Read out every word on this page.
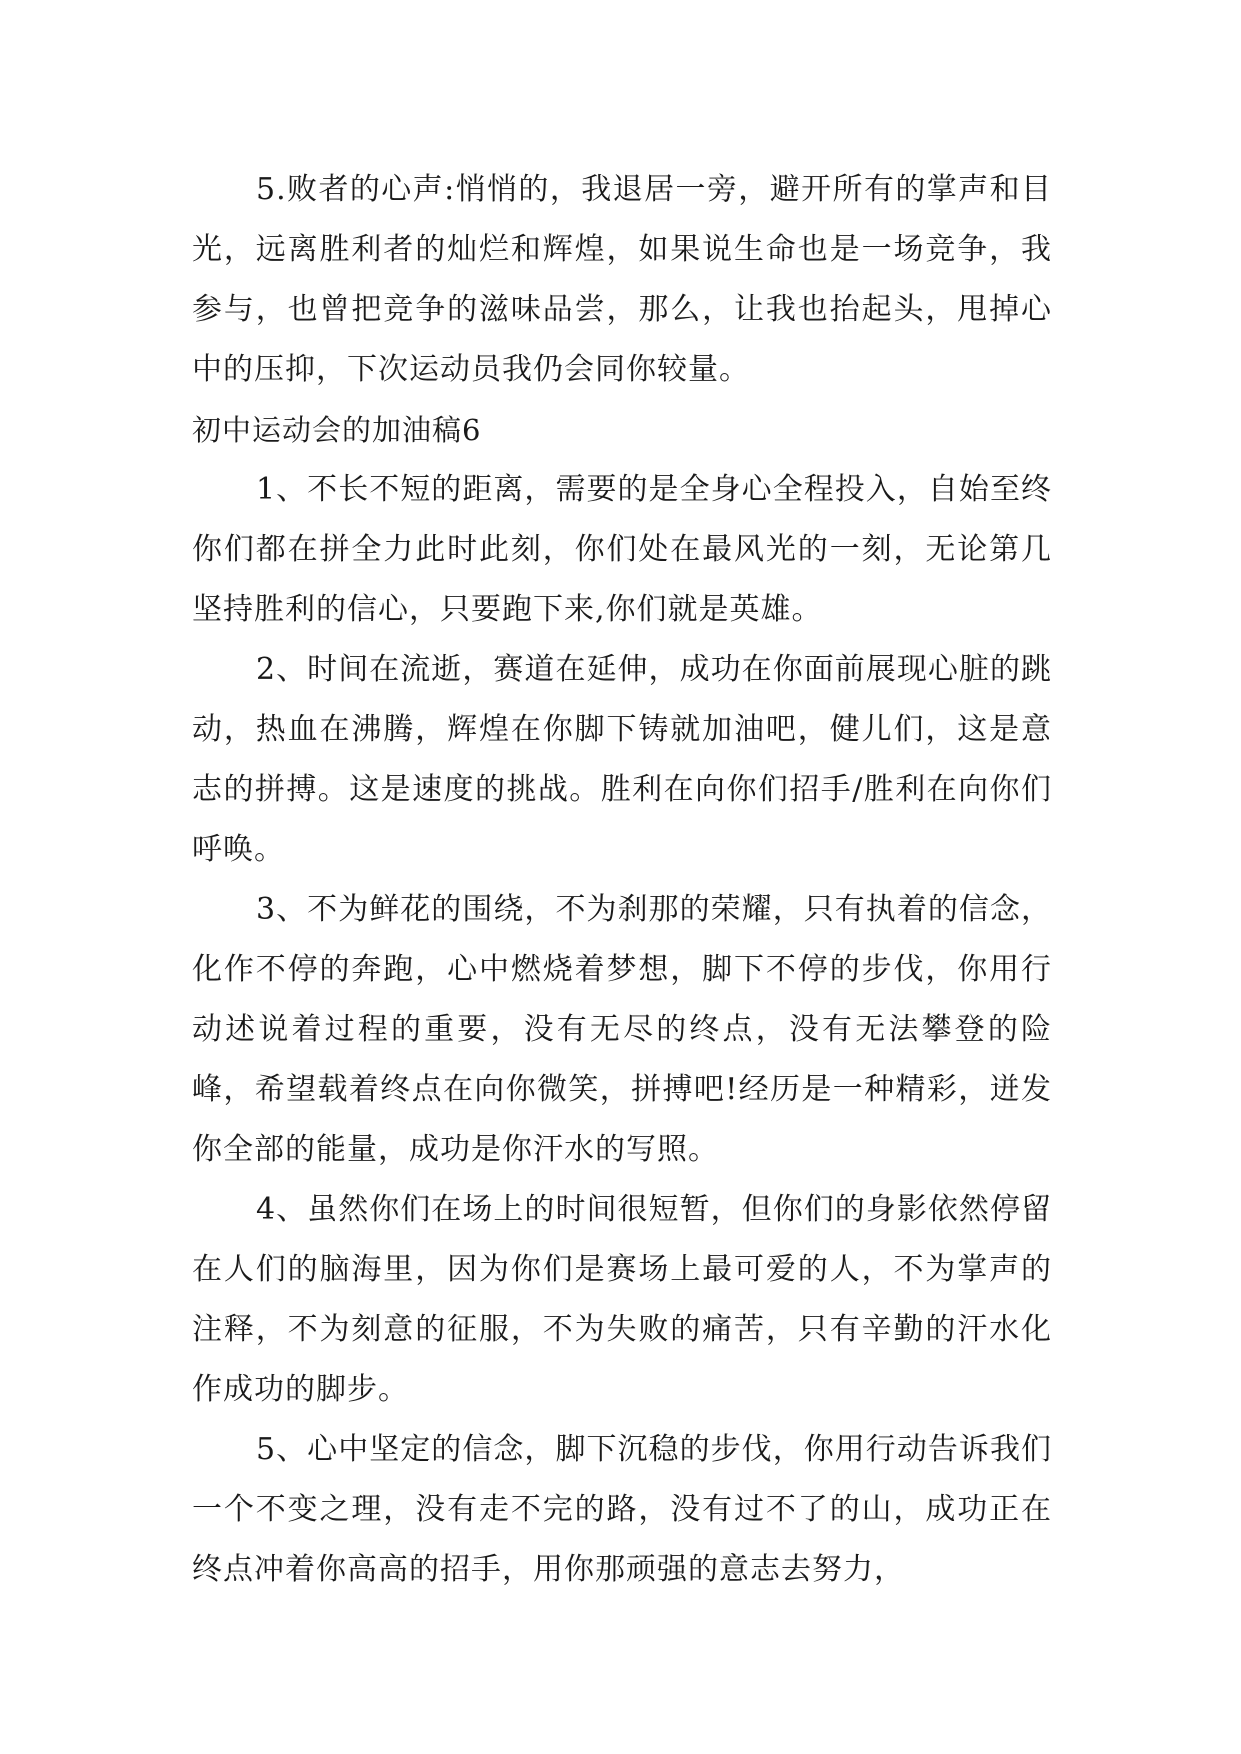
5.败者的心声:悄悄的，我退居一旁，避开所有的掌声和目光，远离胜利者的灿烂和辉煌，如果说生命也是一场竞争，我参与，也曾把竞争的滋味品尝，那么，让我也抬起头，甩掉心中的压抑，下次运动员我仍会同你较量。

初中运动会的加油稿6

1、不长不短的距离，需要的是全身心全程投入，自始至终你们都在拼全力此时此刻，你们处在最风光的一刻，无论第几坚持胜利的信心，只要跑下来,你们就是英雄。

2、时间在流逝，赛道在延伸，成功在你面前展现心脏的跳动，热血在沸腾，辉煌在你脚下铸就加油吧，健儿们，这是意志的拼搏。这是速度的挑战。胜利在向你们招手/胜利在向你们呼唤。

3、不为鲜花的围绕，不为刹那的荣耀，只有执着的信念，化作不停的奔跑，心中燃烧着梦想，脚下不停的步伐，你用行动述说着过程的重要，没有无尽的终点，没有无法攀登的险峰，希望载着终点在向你微笑，拼搏吧!经历是一种精彩，迸发你全部的能量，成功是你汗水的写照。

4、虽然你们在场上的时间很短暂，但你们的身影依然停留在人们的脑海里，因为你们是赛场上最可爱的人，不为掌声的注释，不为刻意的征服，不为失败的痛苦，只有辛勤的汗水化作成功的脚步。

5、心中坚定的信念，脚下沉稳的步伐，你用行动告诉我们一个不变之理，没有走不完的路，没有过不了的山，成功正在终点冲着你高高的招手，用你那顽强的意志去努力，
